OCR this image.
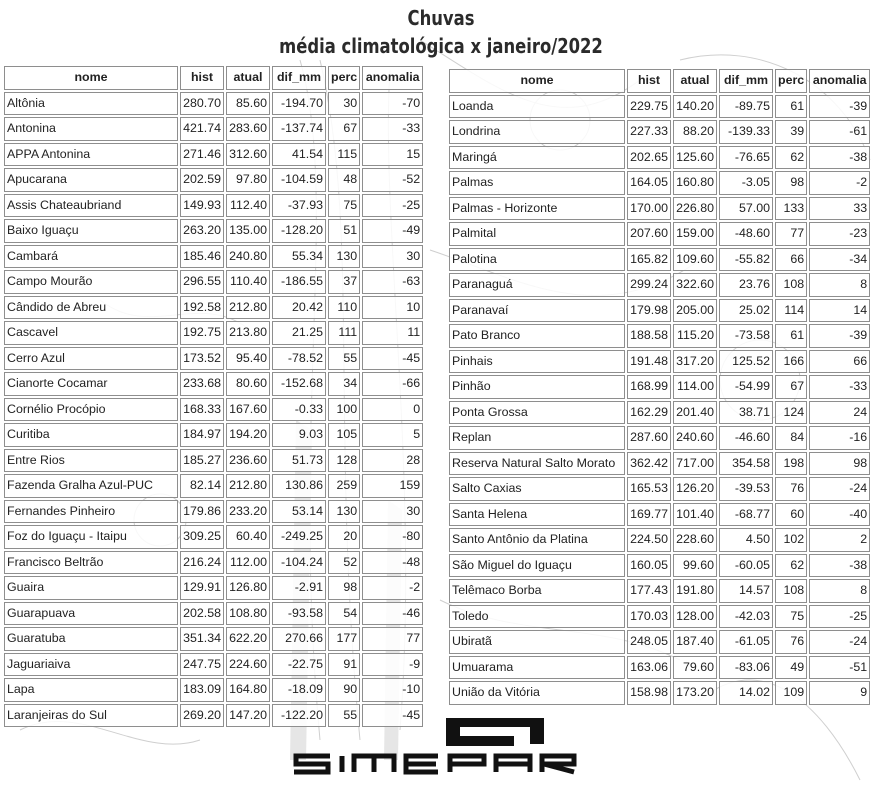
Chuvas
média climatológica x janeiro/2022
nome	hist	atual	dif_mm	perc	anomalia
Altônia	280.70	85.60	-194.70	30	-70
Antonina	421.74	283.60	-137.74	67	-33
APPA Antonina	271.46	312.60	41.54	115	15
Apucarana	202.59	97.80	-104.59	48	-52
Assis Chateaubriand	149.93	112.40	-37.93	75	-25
Baixo Iguaçu	263.20	135.00	-128.20	51	-49
Cambará	185.46	240.80	55.34	130	30
Campo Mourão	296.55	110.40	-186.55	37	-63
Cândido de Abreu	192.58	212.80	20.42	110	10
Cascavel	192.75	213.80	21.25	111	11
Cerro Azul	173.52	95.40	-78.52	55	-45
Cianorte Cocamar	233.68	80.60	-152.68	34	-66
Cornélio Procópio	168.33	167.60	-0.33	100	0
Curitiba	184.97	194.20	9.03	105	5
Entre Rios	185.27	236.60	51.73	128	28
Fazenda Gralha Azul-PUC	82.14	212.80	130.86	259	159
Fernandes Pinheiro	179.86	233.20	53.14	130	30
Foz do Iguaçu - Itaipu	309.25	60.40	-249.25	20	-80
Francisco Beltrão	216.24	112.00	-104.24	52	-48
Guaira	129.91	126.80	-2.91	98	-2
Guarapuava	202.58	108.80	-93.58	54	-46
Guaratuba	351.34	622.20	270.66	177	77
Jaguariaiva	247.75	224.60	-22.75	91	-9
Lapa	183.09	164.80	-18.09	90	-10
Laranjeiras do Sul	269.20	147.20	-122.20	55	-45
nome	hist	atual	dif_mm	perc	anomalia
Loanda	229.75	140.20	-89.75	61	-39
Londrina	227.33	88.20	-139.33	39	-61
Maringá	202.65	125.60	-76.65	62	-38
Palmas	164.05	160.80	-3.05	98	-2
Palmas - Horizonte	170.00	226.80	57.00	133	33
Palmital	207.60	159.00	-48.60	77	-23
Palotina	165.82	109.60	-55.82	66	-34
Paranaguá	299.24	322.60	23.76	108	8
Paranavaí	179.98	205.00	25.02	114	14
Pato Branco	188.58	115.20	-73.58	61	-39
Pinhais	191.48	317.20	125.52	166	66
Pinhão	168.99	114.00	-54.99	67	-33
Ponta Grossa	162.29	201.40	38.71	124	24
Replan	287.60	240.60	-46.60	84	-16
Reserva Natural Salto Morato	362.42	717.00	354.58	198	98
Salto Caxias	165.53	126.20	-39.53	76	-24
Santa Helena	169.77	101.40	-68.77	60	-40
Santo Antônio da Platina	224.50	228.60	4.50	102	2
São Miguel do Iguaçu	160.05	99.60	-60.05	62	-38
Telêmaco Borba	177.43	191.80	14.57	108	8
Toledo	170.03	128.00	-42.03	75	-25
Ubiratã	248.05	187.40	-61.05	76	-24
Umuarama	163.06	79.60	-83.06	49	-51
União da Vitória	158.98	173.20	14.02	109	9
